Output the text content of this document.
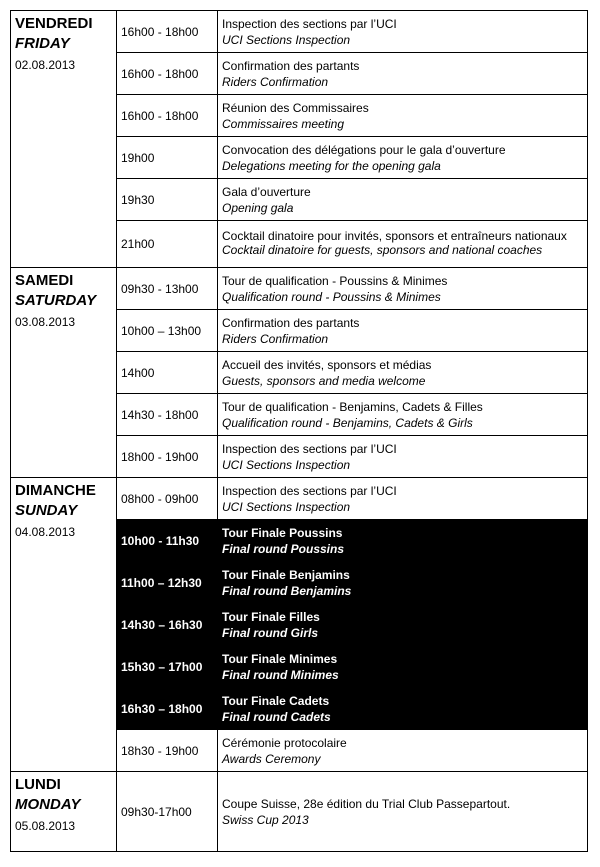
VENDREDI
FRIDAY
02.08.2013	16h00 - 18h00	Inspection des sections par l’UCI
UCI Sections Inspection

	16h00 - 18h00	Confirmation des partants
Riders Confirmation

	16h00 - 18h00	Réunion des Commissaires
Commissaires meeting

	19h00	Convocation des délégations pour le gala d’ouverture
Delegations meeting for the opening gala

	19h30	Gala d’ouverture
Opening gala

	21h00	Cocktail dinatoire pour invités, sponsors et entraîneurs nationaux
Cocktail dinatoire for guests, sponsors and national coaches

SAMEDI
SATURDAY
03.08.2013	09h30 - 13h00	Tour de qualification - Poussins & Minimes
Qualification round - Poussins & Minimes

	10h00 – 13h00	Confirmation des partants
Riders Confirmation

	14h00	Accueil des invités, sponsors et médias
Guests, sponsors and media welcome

	14h30 - 18h00	Tour de qualification - Benjamins, Cadets & Filles
Qualification round - Benjamins, Cadets & Girls

	18h00 - 19h00	Inspection des sections par l’UCI
UCI Sections Inspection

DIMANCHE
SUNDAY
04.08.2013	08h00 - 09h00	Inspection des sections par l’UCI
UCI Sections Inspection

	10h00 - 11h30	Tour Finale Poussins
Final round Poussins

	11h00 – 12h30	Tour Finale Benjamins
Final round Benjamins

	14h30 – 16h30	Tour Finale Filles
Final round Girls

	15h30 – 17h00	Tour Finale Minimes
Final round Minimes

	16h30 – 18h00	Tour Finale Cadets
Final round Cadets

	18h30 - 19h00	Cérémonie protocolaire
Awards Ceremony

LUNDI
MONDAY
05.08.2013	09h30-17h00	Coupe Suisse, 28e édition du Trial Club Passepartout.
Swiss Cup 2013
